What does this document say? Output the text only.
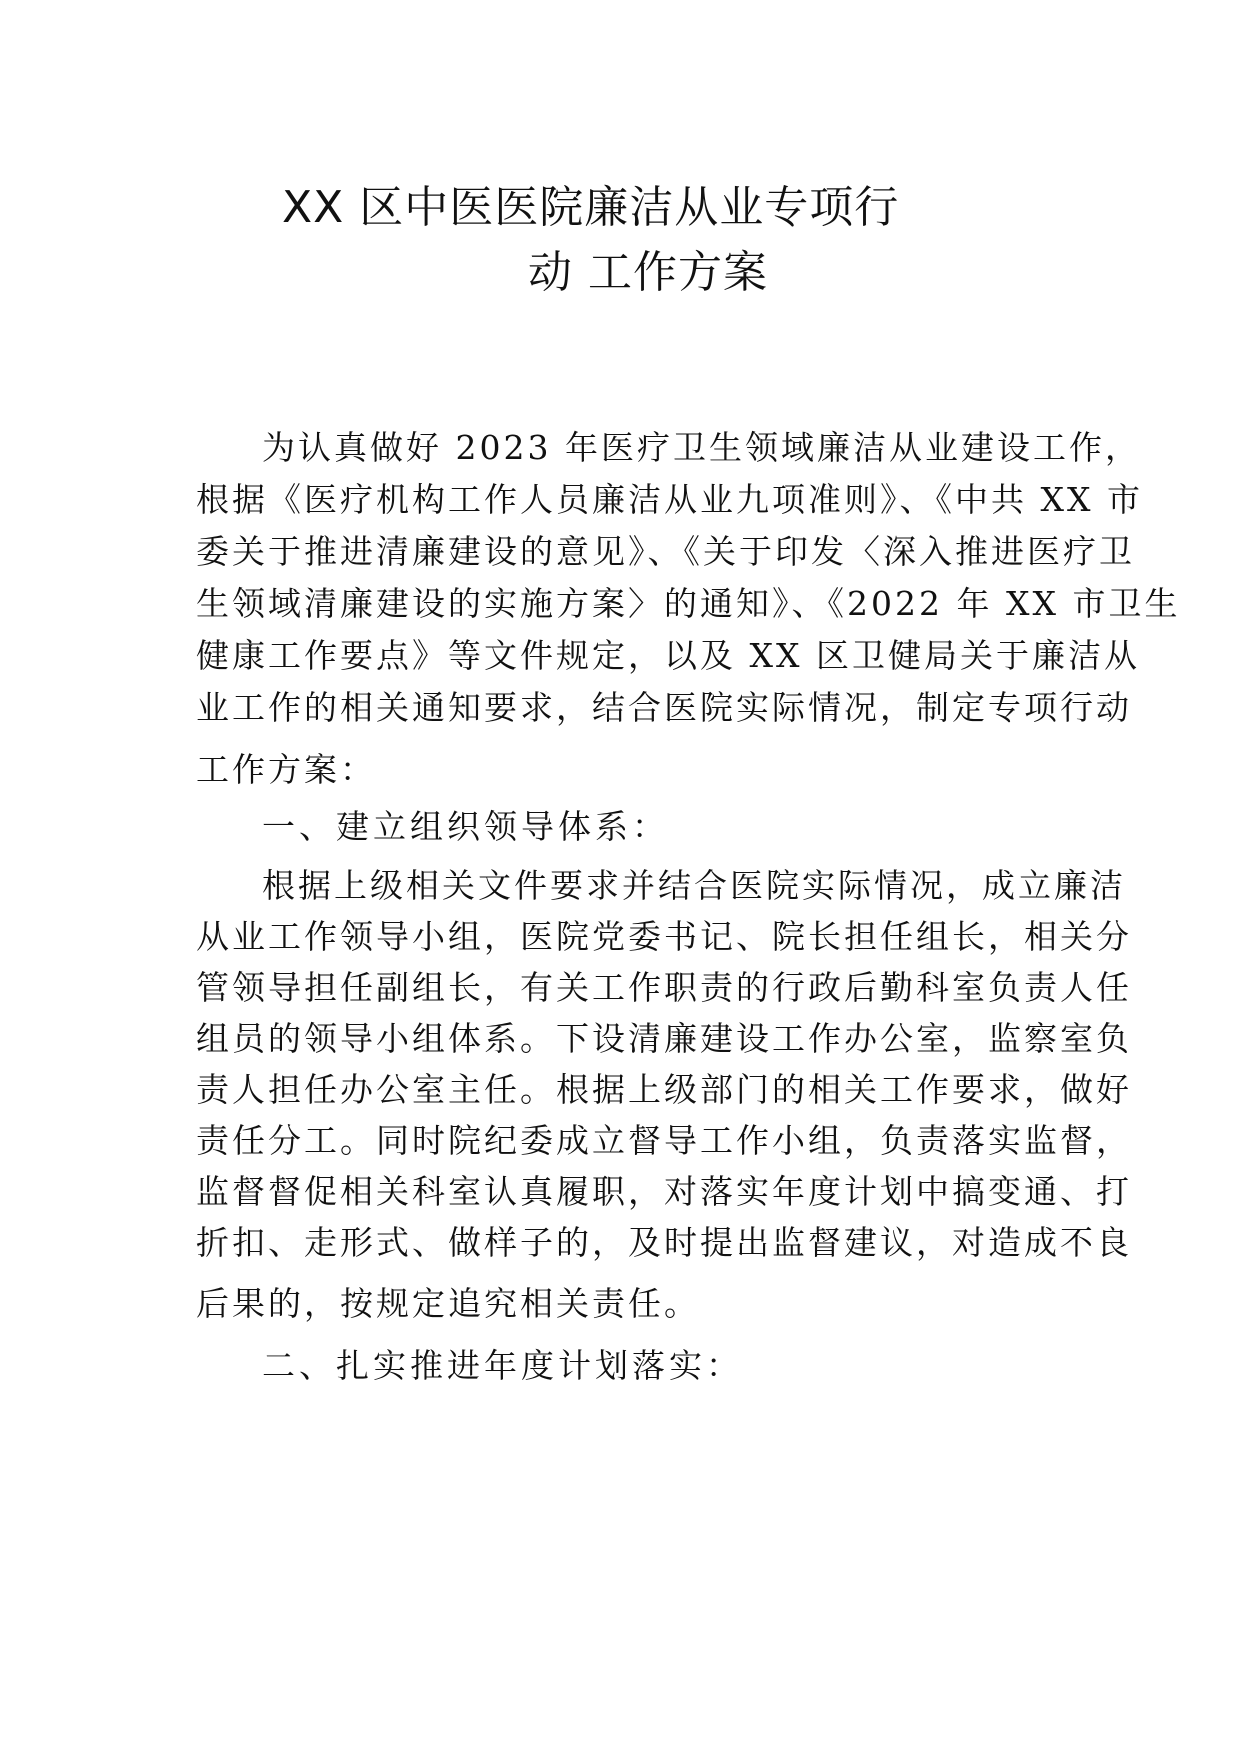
XX 区中医医院廉洁从业专项行
动 工作方案

为认真做好 2023 年医疗卫生领域廉洁从业建设工作，

根据《医疗机构工作人员廉洁从业九项准则》、《中共 XX 市

委关于推进清廉建设的意见》、《关于印发〈深入推进医疗卫

生领域清廉建设的实施方案〉的通知》、《2022 年 XX 市卫生

健康工作要点》等文件规定，以及 XX 区卫健局关于廉洁从

业工作的相关通知要求，结合医院实际情况，制定专项行动

工作方案：

一、建立组织领导体系：

根据上级相关文件要求并结合医院实际情况，成立廉洁

从业工作领导小组，医院党委书记、院长担任组长，相关分

管领导担任副组长，有关工作职责的行政后勤科室负责人任

组员的领导小组体系。下设清廉建设工作办公室，监察室负

责人担任办公室主任。根据上级部门的相关工作要求，做好

责任分工。同时院纪委成立督导工作小组，负责落实监督，

监督督促相关科室认真履职，对落实年度计划中搞变通、打

折扣、走形式、做样子的，及时提出监督建议，对造成不良

后果的，按规定追究相关责任。

二、扎实推进年度计划落实：
